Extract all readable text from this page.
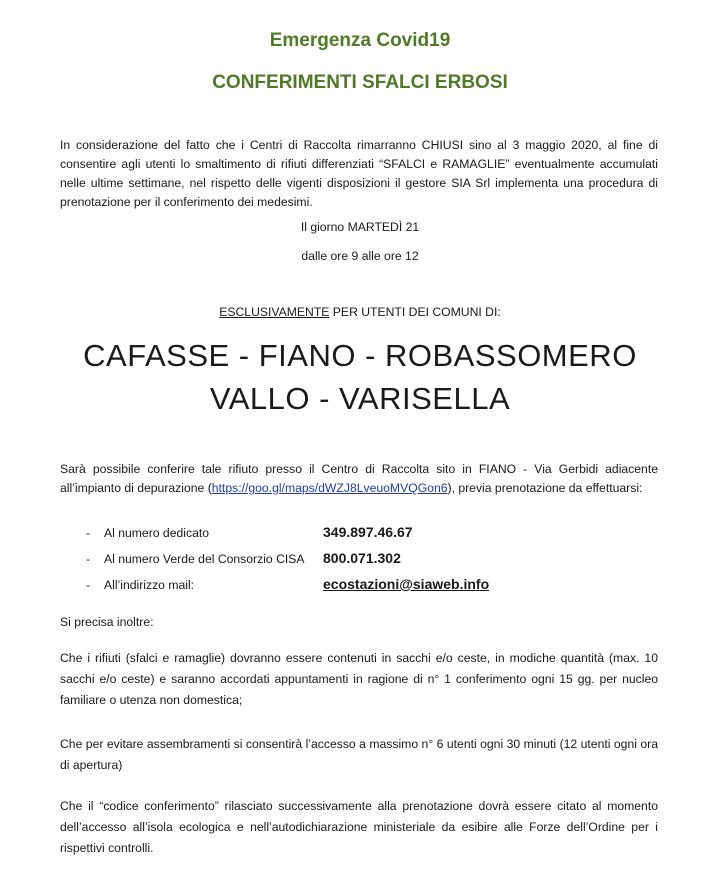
Emergenza Covid19
CONFERIMENTI SFALCI ERBOSI
In considerazione del fatto che i Centri di Raccolta rimarranno CHIUSI sino al 3 maggio 2020, al fine di consentire agli utenti lo smaltimento di rifiuti differenziati “SFALCI e RAMAGLIE” eventualmente accumulati nelle ultime settimane, nel rispetto delle vigenti disposizioni il gestore SIA Srl implementa una procedura di prenotazione per il conferimento dei medesimi.
Il giorno MARTEDÌ 21
dalle ore 9 alle ore 12
ESCLUSIVAMENTE PER UTENTI DEI COMUNI DI:
CAFASSE - FIANO - ROBASSOMERO
VALLO - VARISELLA
Sarà possibile conferire tale rifiuto presso il Centro di Raccolta sito in FIANO - Via Gerbidi adiacente all’impianto di depurazione (https://goo.gl/maps/dWZJ8LveuoMVQGon6), previa prenotazione da effettuarsi:
- Al numero dedicato	349.897.46.67
- Al numero Verde del Consorzio CISA 800.071.302
- All’indirizzo mail:	ecostazioni@siaweb.info
Si precisa inoltre:
Che i rifiuti (sfalci e ramaglie) dovranno essere contenuti in sacchi e/o ceste, in modiche quantità (max. 10 sacchi e/o ceste) e saranno accordati appuntamenti in ragione di n° 1 conferimento ogni 15 gg. per nucleo familiare o utenza non domestica;
Che per evitare assembramenti si consentirà l’accesso a massimo n° 6 utenti ogni 30 minuti (12 utenti ogni ora di apertura)
Che il “codice conferimento” rilasciato successivamente alla prenotazione dovrà essere citato al momento dell’accesso all’isola ecologica e nell’autodichiarazione ministeriale da esibire alle Forze dell’Ordine per i rispettivi controlli.
